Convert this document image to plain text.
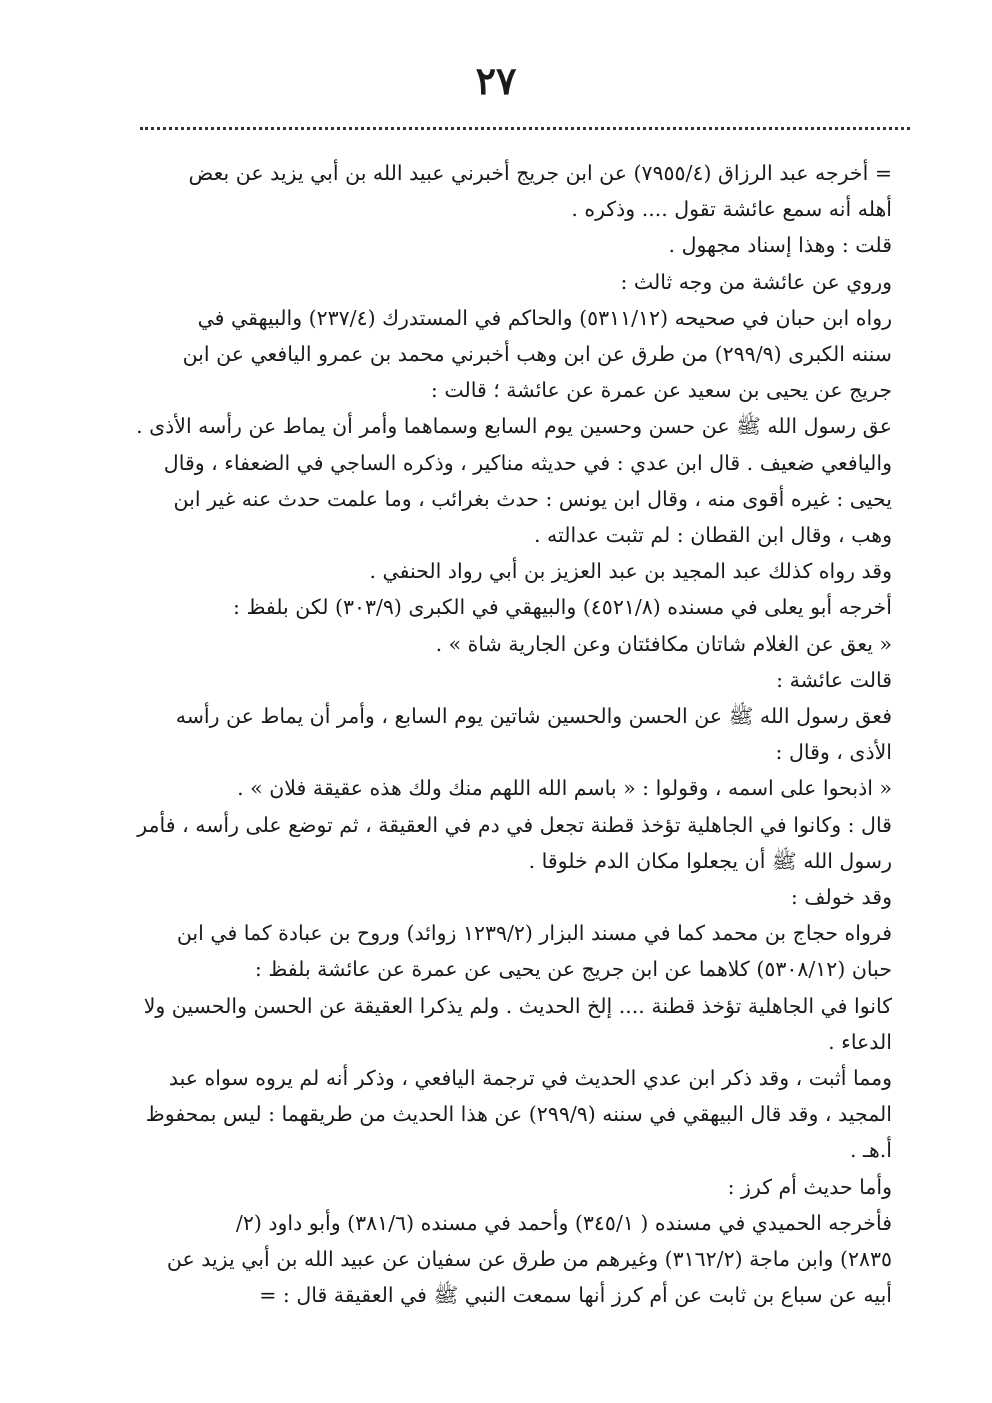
٢٧
= أخرجه عبد الرزاق (٧٩٥٥/٤) عن ابن جريج أخبرني عبيد الله بن أبي يزيد عن بعض
أهله أنه سمع عائشة تقول .... وذكره .
قلت : وهذا إسناد مجهول .
وروي عن عائشة من وجه ثالث :
رواه ابن حبان في صحيحه (٥٣١١/١٢) والحاكم في المستدرك (٢٣٧/٤) والبيهقي في
سننه الكبرى (٢٩٩/٩) من طرق عن ابن وهب أخبرني محمد بن عمرو اليافعي عن ابن
جريج عن يحيى بن سعيد عن عمرة عن عائشة ؛ قالت :
عق رسول الله ﷺ عن حسن وحسين يوم السابع وسماهما وأمر أن يماط عن رأسه الأذى .
واليافعي ضعيف . قال ابن عدي : في حديثه مناكير ، وذكره الساجي في الضعفاء ، وقال
يحيى : غيره أقوى منه ، وقال ابن يونس : حدث بغرائب ، وما علمت حدث عنه غير ابن
وهب ، وقال ابن القطان : لم تثبت عدالته .
وقد رواه كذلك عبد المجيد بن عبد العزيز بن أبي رواد الحنفي .
أخرجه أبو يعلى في مسنده (٤٥٢١/٨) والبيهقي في الكبرى (٣٠٣/٩) لكن بلفظ :
« يعق عن الغلام شاتان مكافئتان وعن الجارية شاة » .
قالت عائشة :
فعق رسول الله ﷺ عن الحسن والحسين شاتين يوم السابع ، وأمر أن يماط عن رأسه
الأذى ، وقال :
« اذبحوا على اسمه ، وقولوا : « باسم الله اللهم منك ولك هذه عقيقة فلان » .
قال : وكانوا في الجاهلية تؤخذ قطنة تجعل في دم في العقيقة ، ثم توضع على رأسه ، فأمر
رسول الله ﷺ أن يجعلوا مكان الدم خلوقا .
وقد خولف :
فرواه حجاج بن محمد كما في مسند البزار (١٢٣٩/٢ زوائد) وروح بن عبادة كما في ابن
حبان (٥٣٠٨/١٢) كلاهما عن ابن جريج عن يحيى عن عمرة عن عائشة بلفظ :
كانوا في الجاهلية تؤخذ قطنة .... إلخ الحديث . ولم يذكرا العقيقة عن الحسن والحسين ولا
الدعاء .
ومما أثبت ، وقد ذكر ابن عدي الحديث في ترجمة اليافعي ، وذكر أنه لم يروه سواه عبد
المجيد ، وقد قال البيهقي في سننه (٢٩٩/٩) عن هذا الحديث من طريقهما : ليس بمحفوظ
أ.هـ .
وأما حديث أم كرز :
فأخرجه الحميدي في مسنده ( ٣٤٥/١) وأحمد في مسنده (٣٨١/٦) وأبو داود (٢/
٢٨٣٥) وابن ماجة (٣١٦٢/٢) وغيرهم من طرق عن سفيان عن عبيد الله بن أبي يزيد عن
أبيه عن سباع بن ثابت عن أم كرز أنها سمعت النبي ﷺ في العقيقة قال : =
